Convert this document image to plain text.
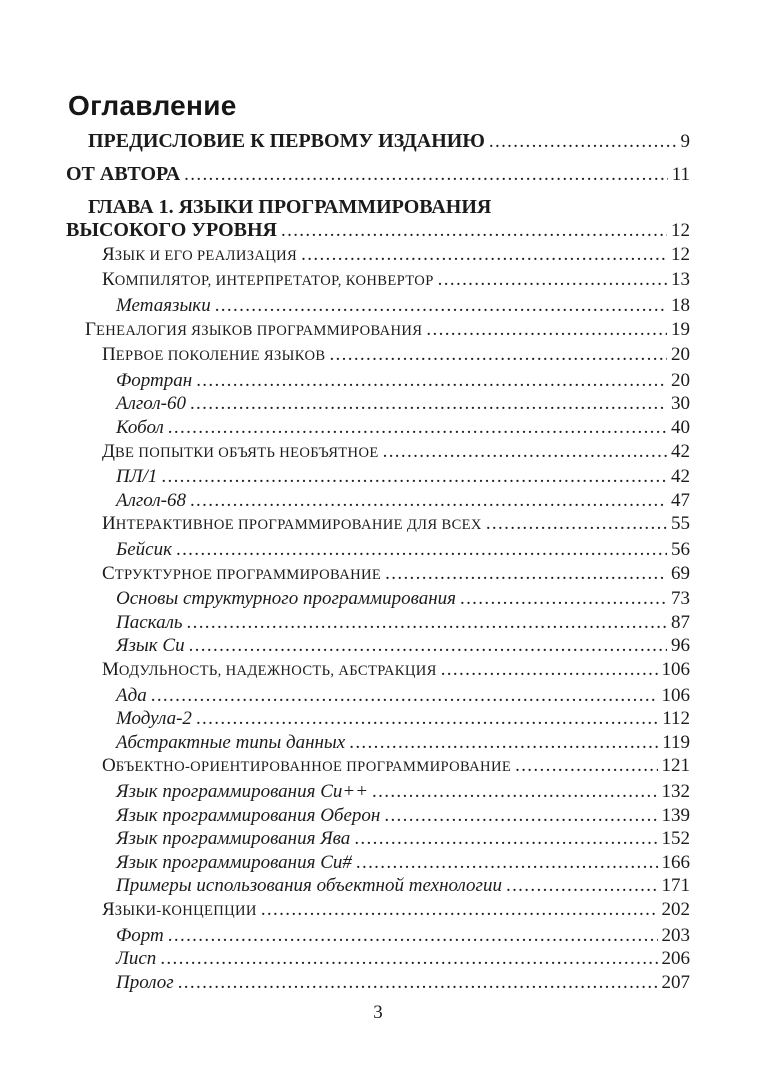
Оглавление
ПРЕДИСЛОВИЕ К ПЕРВОМУ ИЗДАНИЮ .....	9
ОТ АВТОРА .....	11
ГЛАВА 1. ЯЗЫКИ ПРОГРАММИРОВАНИЯ
ВЫСОКОГО УРОВНЯ .....	12
ЯЗЫК И ЕГО РЕАЛИЗАЦИЯ .....	12
КОМПИЛЯТОР, ИНТЕРПРЕТАТОР, КОНВЕРТОР .....	13
Метаязыки .....	18
ГЕНЕАЛОГИЯ ЯЗЫКОВ ПРОГРАММИРОВАНИЯ .....	19
ПЕРВОЕ ПОКОЛЕНИЕ ЯЗЫКОВ .....	20
Фортран .....	20
Алгол-60 .....	30
Кобол .....	40
ДВЕ ПОПЫТКИ ОБЪЯТЬ НЕОБЪЯТНОЕ .....	42
ПЛ/1 .....	42
Алгол-68 .....	47
ИНТЕРАКТИВНОЕ ПРОГРАММИРОВАНИЕ ДЛЯ ВСЕХ .....	55
Бейсик .....	56
СТРУКТУРНОЕ ПРОГРАММИРОВАНИЕ .....	69
Основы структурного программирования .....	73
Паскаль .....	87
Язык Си .....	96
МОДУЛЬНОСТЬ, НАДЕЖНОСТЬ, АБСТРАКЦИЯ .....	106
Ада .....	106
Модула-2 .....	112
Абстрактные типы данных .....	119
ОБЪЕКТНО-ОРИЕНТИРОВАННОЕ ПРОГРАММИРОВАНИЕ .....	121
Язык программирования Си++ .....	132
Язык программирования Оберон .....	139
Язык программирования Ява .....	152
Язык программирования Си# .....	166
Примеры использования объектной технологии .....	171
ЯЗЫКИ-КОНЦЕПЦИИ .....	202
Форт .....	203
Лисп .....	206
Пролог .....	207
3
